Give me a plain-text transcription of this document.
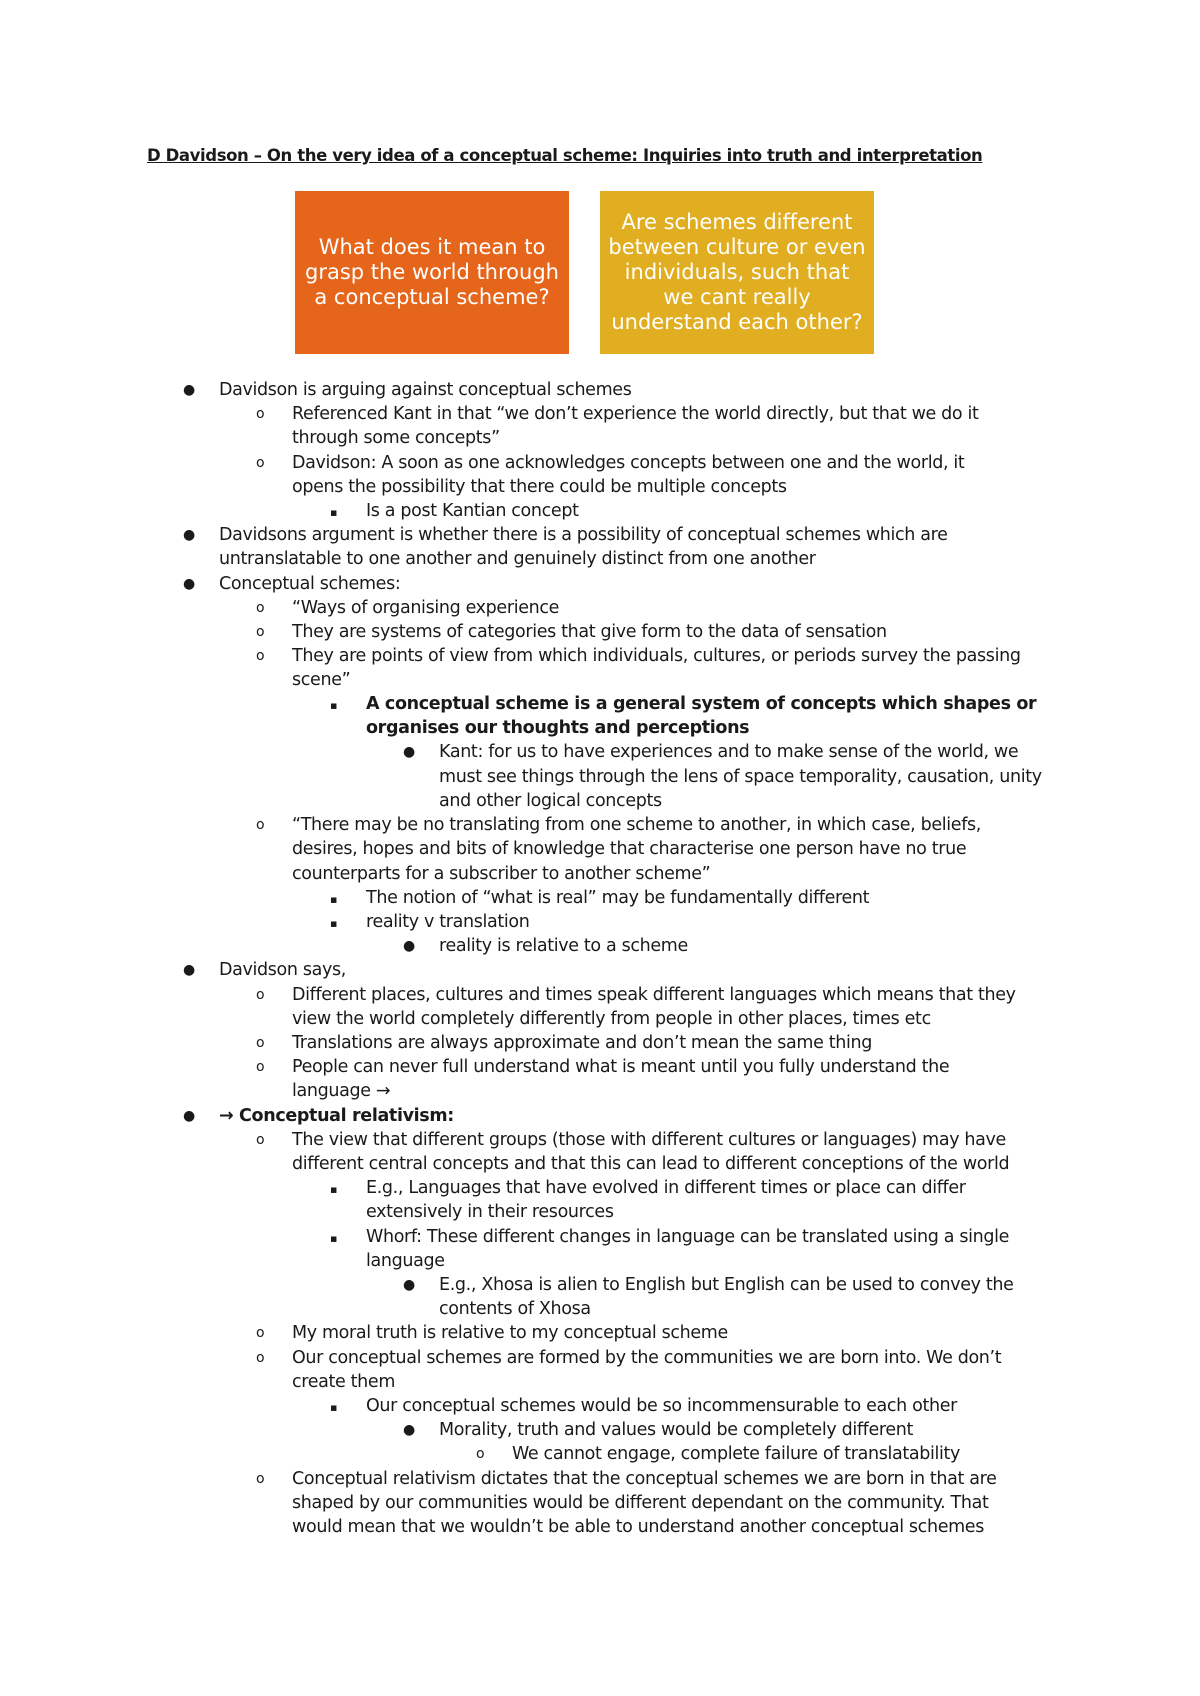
D Davidson – On the very idea of a conceptual scheme: Inquiries into truth and interpretation
What does it mean to grasp the world through a conceptual scheme?
Are schemes different between culture or even individuals, such that we cant really understand each other?
● Davidson is arguing against conceptual schemes
o Referenced Kant in that “we don’t experience the world directly, but that we do it
through some concepts”
o Davidson: A soon as one acknowledges concepts between one and the world, it
opens the possibility that there could be multiple concepts
▪ Is a post Kantian concept
● Davidsons argument is whether there is a possibility of conceptual schemes which are
untranslatable to one another and genuinely distinct from one another
● Conceptual schemes:
o “Ways of organising experience
o They are systems of categories that give form to the data of sensation
o They are points of view from which individuals, cultures, or periods survey the passing
scene”
▪ A conceptual scheme is a general system of concepts which shapes or
organises our thoughts and perceptions
● Kant: for us to have experiences and to make sense of the world, we
must see things through the lens of space temporality, causation, unity
and other logical concepts
o “There may be no translating from one scheme to another, in which case, beliefs,
desires, hopes and bits of knowledge that characterise one person have no true
counterparts for a subscriber to another scheme”
▪ The notion of “what is real” may be fundamentally different
▪ reality v translation
● reality is relative to a scheme
● Davidson says,
o Different places, cultures and times speak different languages which means that they
view the world completely differently from people in other places, times etc
o Translations are always approximate and don’t mean the same thing
o People can never full understand what is meant until you fully understand the
language →
● → Conceptual relativism:
o The view that different groups (those with different cultures or languages) may have
different central concepts and that this can lead to different conceptions of the world
▪ E.g., Languages that have evolved in different times or place can differ
extensively in their resources
▪ Whorf: These different changes in language can be translated using a single
language
● E.g., Xhosa is alien to English but English can be used to convey the
contents of Xhosa
o My moral truth is relative to my conceptual scheme
o Our conceptual schemes are formed by the communities we are born into. We don’t
create them
▪ Our conceptual schemes would be so incommensurable to each other
● Morality, truth and values would be completely different
o We cannot engage, complete failure of translatability
o Conceptual relativism dictates that the conceptual schemes we are born in that are
shaped by our communities would be different dependant on the community. That
would mean that we wouldn’t be able to understand another conceptual schemes
